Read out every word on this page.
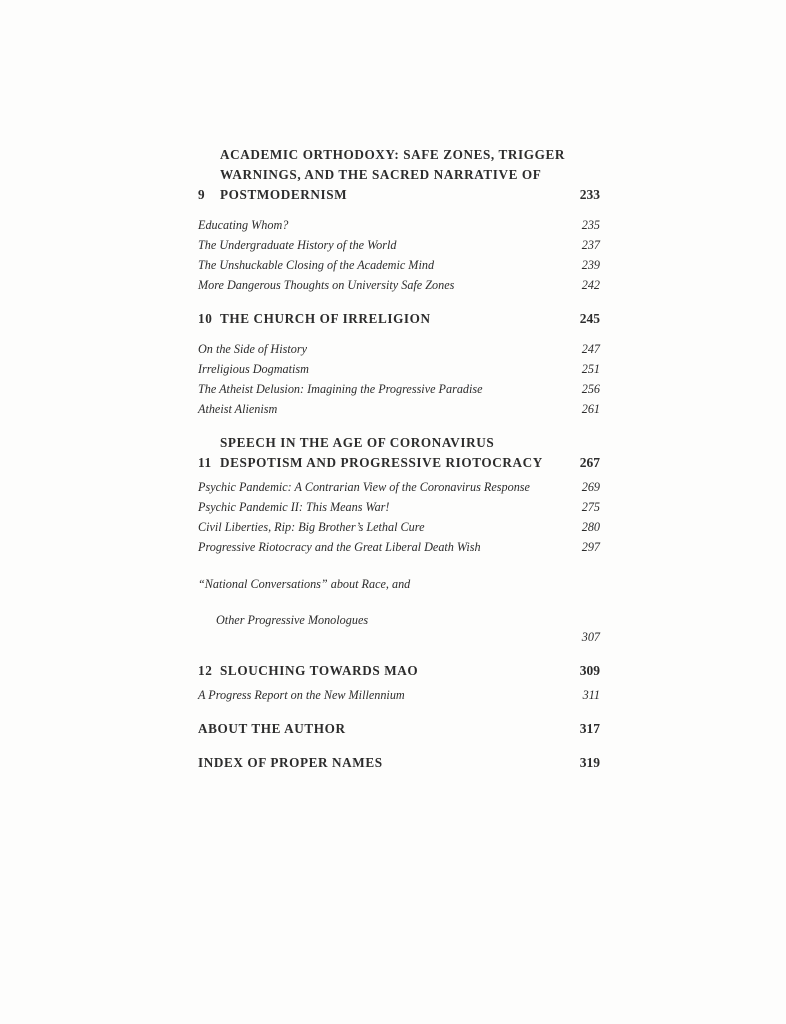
9
ACADEMIC ORTHODOXY: SAFE ZONES, TRIGGER
WARNINGS, AND THE SACRED NARRATIVE OF
POSTMODERNISM	233
Educating Whom?	235
The Undergraduate History of the World	237
The Unshuckable Closing of the Academic Mind	239
More Dangerous Thoughts on University Safe Zones	242
10 THE CHURCH OF IRRELIGION	245
On the Side of History	247
Irreligious Dogmatism	251
The Atheist Delusion: Imagining the Progressive Paradise	256
Atheist Alienism	261
11
SPEECH IN THE AGE OF CORONAVIRUS
DESPOTISM AND PROGRESSIVE RIOTOCRACY	267
Psychic Pandemic: A Contrarian View of the Coronavirus Response	269
Psychic Pandemic II: This Means War!	275
Civil Liberties, Rip: Big Brother’s Lethal Cure	280
Progressive Riotocracy and the Great Liberal Death Wish	297

“National Conversations” about Race, and

Other Progressive Monologues

307
12 SLOUCHING TOWARDS MAO	309
A Progress Report on the New Millennium	311
ABOUT THE AUTHOR	317
INDEX OF PROPER NAMES	319
